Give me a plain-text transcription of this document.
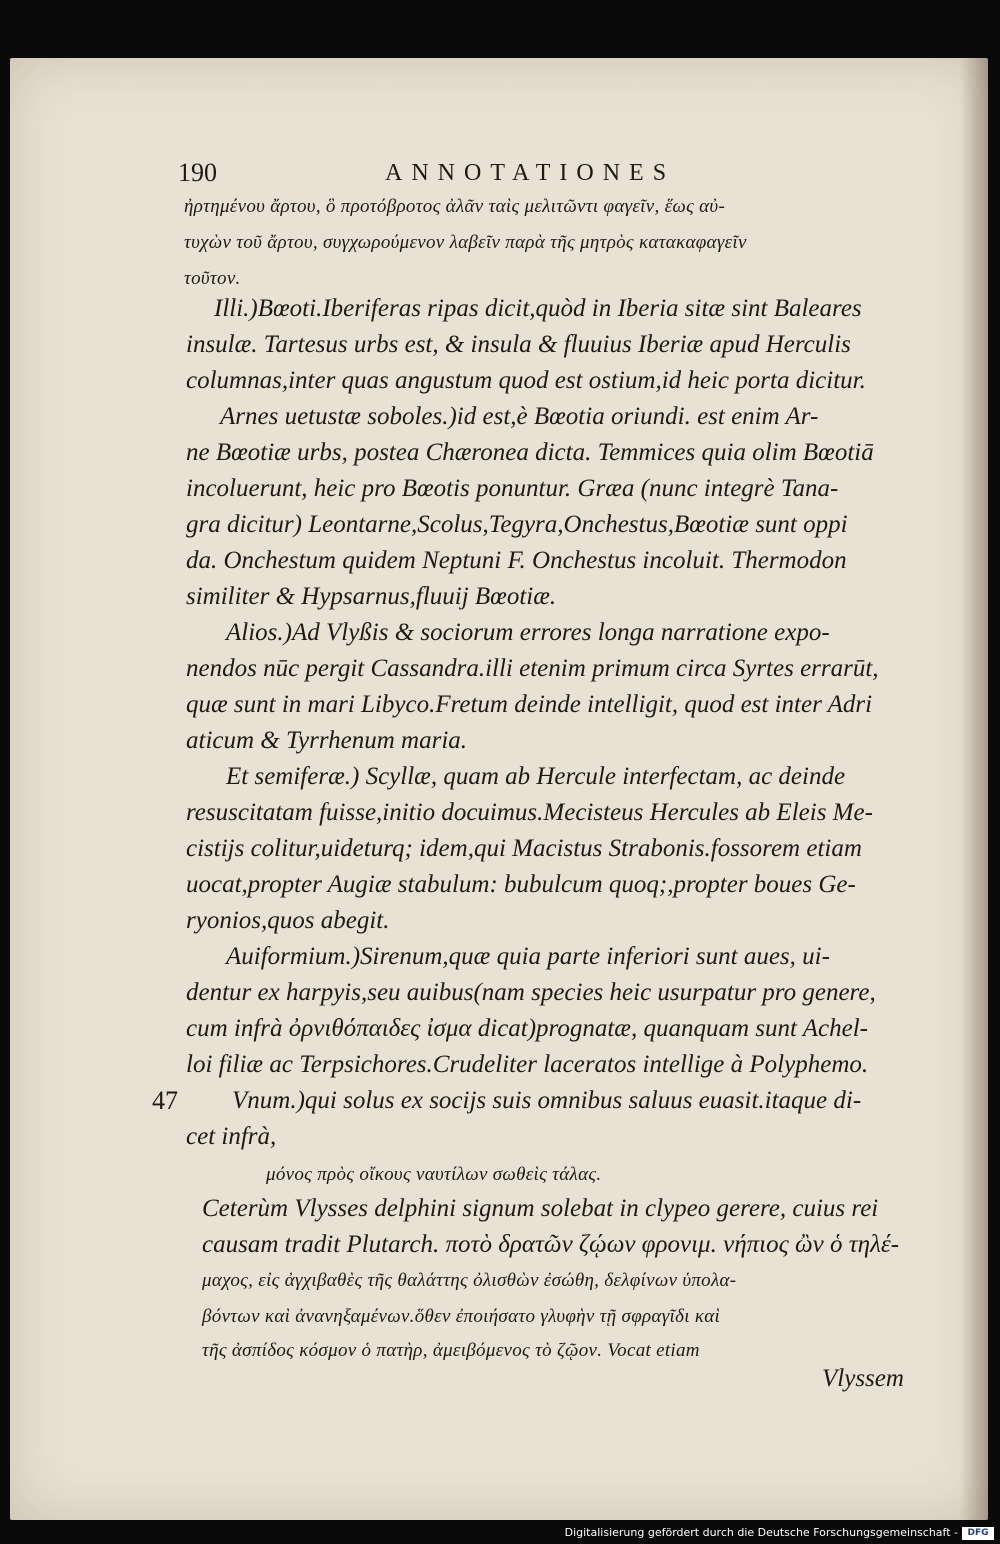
190	ANNOTATIONES
ἠρτημένου ἄρτου, ὃ προτόβροτος ἀλᾶν ταὶς μελιτῶντι φαγεῖν, ἕως αὐ-
τυχὼν τοῦ ἄρτου, συγχωρούμενον λαβεῖν παρὰ τῆς μητρὸς κατακαφαγεῖν
τοῦτον.
Illi.)Bœoti.Iberiferas ripas dicit,quòd in Iberia sitæ sint Baleares
insulæ. Tartesus urbs est, & insula & fluuius Iberiæ apud Herculis
columnas,inter quas angustum quod est ostium,id heic porta dicitur.
Arnes uetustæ soboles.)id est,è Bœotia oriundi. est enim Ar-
ne Bœotiæ urbs, postea Chæronea dicta. Temmices quia olim Bœotiā
incoluerunt, heic pro Bœotis ponuntur. Græa (nunc integrè Tana-
gra dicitur) Leontarne,Scolus,Tegyra,Onchestus,Bœotiæ sunt oppi
da. Onchestum quidem Neptuni F. Onchestus incoluit. Thermodon
similiter & Hypsarnus,fluuij Bœotiæ.
Alios.)Ad Vlyßis & sociorum errores longa narratione expo-
nendos nūc pergit Cassandra.illi etenim primum circa Syrtes errarūt,
quæ sunt in mari Libyco.Fretum deinde intelligit, quod est inter Adri
aticum & Tyrrhenum maria.
Et semiferæ.) Scyllæ, quam ab Hercule interfectam, ac deinde
resuscitatam fuisse,initio docuimus.Mecisteus Hercules ab Eleis Me-
cistijs colitur,uideturq; idem,qui Macistus Strabonis.fossorem etiam
uocat,propter Augiæ stabulum: bubulcum quoq;,propter boues Ge-
ryonios,quos abegit.
Auiformium.)Sirenum,quæ quia parte inferiori sunt aues, ui-
dentur ex harpyis,seu auibus(nam species heic usurpatur pro genere,
cum infrà ὀρνιθόπαιδες ἰσμα dicat)prognatæ, quanquam sunt Achel-
loi filiæ ac Terpsichores.Crudeliter laceratos intellige à Polyphemo.
47 Vnum.)qui solus ex socijs suis omnibus saluus euasit.itaque di-
cet infrà,
μόνος πρὸς οἴκους ναυτίλων σωθεὶς τάλας.
Ceterùm Vlysses delphini signum solebat in clypeo gerere, cuius rei
causam tradit Plutarch. ποτὸ δρατῶν ζῴων φρονιμ. νήπιος ὢν ὁ τηλέ-
μαχος, εἰς ἀγχιβαθὲς τῆς θαλάττης ὀλισθὼν ἐσώθη, δελφίνων ὑπολα-
βόντων καὶ ἀνανηξαμένων.ὅθεν ἐποιήσατο γλυφὴν τῇ σφραγῖδι καὶ
τῆς ἀσπίδος κόσμον ὁ πατὴρ, ἀμειβόμενος τὸ ζῷον. Vocat etiam
Vlyssem
Digitalisierung gefördert durch die Deutsche Forschungsgemeinschaft -	DFG
